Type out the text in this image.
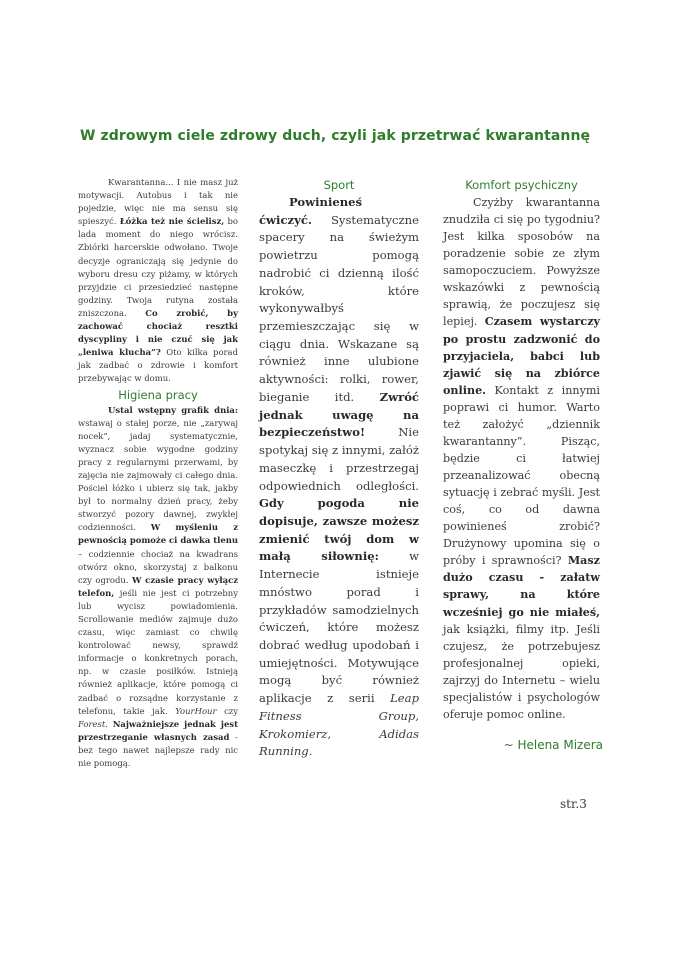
W zdrowym ciele zdrowy duch, czyli jak przetrwać kwarantannę

Kwarantanna... I nie masz już motywacji. Autobus i tak nie pojedzie, więc nie ma sensu się spieszyć. Łóżka też nie ścielisz, bo lada moment do niego wrócisz. Zbiórki harcerskie odwołano. Twoje decyzje ograniczają się jedynie do wyboru dresu czy piżamy, w których przyjdzie ci przesiedzieć następne godziny. Twoja rutyna została zniszczona. Co zrobić, by zachować chociaż resztki dyscypliny i nie czuć się jak „leniwa klucha”? Oto kilka porad jak zadbać o zdrowie i komfort przebywając w domu.

Higiena pracy

Ustal wstępny grafik dnia: wstawaj o stałej porze, nie „zarywaj nocek”, jadaj systematycznie, wyznacz sobie wygodne godziny pracy z regularnymi przerwami, by zajęcia nie zajmowały ci całego dnia. Pościel łóżko i ubierz się tak, jakby był to normalny dzień pracy, żeby stworzyć pozory dawnej, zwykłej codzienności. W myśleniu z pewnością pomoże ci dawka tlenu – codziennie chociaż na kwadrans otwórz okno, skorzystaj z balkonu czy ogrodu. W czasie pracy wyłącz telefon, jeśli nie jest ci potrzebny lub wycisz powiadomienia. Scrollowanie mediów zajmuje dużo czasu, więc zamiast co chwilę kontrolować newsy, sprawdź informacje o konkretnych porach, np. w czasie posiłków. Istnieją również aplikacje, które pomogą ci zadbać o rozsądne korzystanie z telefonu, takie jak. YourHour czy Forest. Najważniejsze jednak jest przestrzeganie własnych zasad - bez tego nawet najlepsze rady nic nie pomogą.

Sport

Powinieneś ćwiczyć. Systematyczne spacery na świeżym powietrzu pomogą nadrobić ci dzienną ilość kroków, które wykonywałbyś przemieszczając się w ciągu dnia. Wskazane są również inne ulubione aktywności: rolki, rower, bieganie itd. Zwróć jednak uwagę na bezpieczeństwo! Nie spotykaj się z innymi, załóż maseczkę i przestrzegaj odpowiednich odległości. Gdy pogoda nie dopisuje, zawsze możesz zmienić twój dom w małą siłownię: w Internecie istnieje mnóstwo porad i przykładów samodzielnych ćwiczeń, które możesz dobrać według upodobań i umiejętności. Motywujące mogą być również aplikacje z serii Leap Fitness Group, Krokomierz, Adidas Running.

Komfort psychiczny

Czyżby kwarantanna znudziła ci się po tygodniu? Jest kilka sposobów na poradzenie sobie ze złym samopoczuciem. Powyższe wskazówki z pewnością sprawią, że poczujesz się lepiej. Czasem wystarczy po prostu zadzwonić do przyjaciela, babci lub zjawić się na zbiórce online. Kontakt z innymi poprawi ci humor. Warto też założyć „dziennik kwarantanny”. Pisząc, będzie ci łatwiej przeanalizować obecną sytuację i zebrać myśli. Jest coś, co od dawna powinieneś zrobić? Drużynowy upomina się o próby i sprawności? Masz dużo czasu - załatw sprawy, na które wcześniej go nie miałeś, jak książki, filmy itp. Jeśli czujesz, że potrzebujesz profesjonalnej opieki, zajrzyj do Internetu – wielu specjalistów i psychologów oferuje pomoc online.

~ Helena Mizera
str.3
